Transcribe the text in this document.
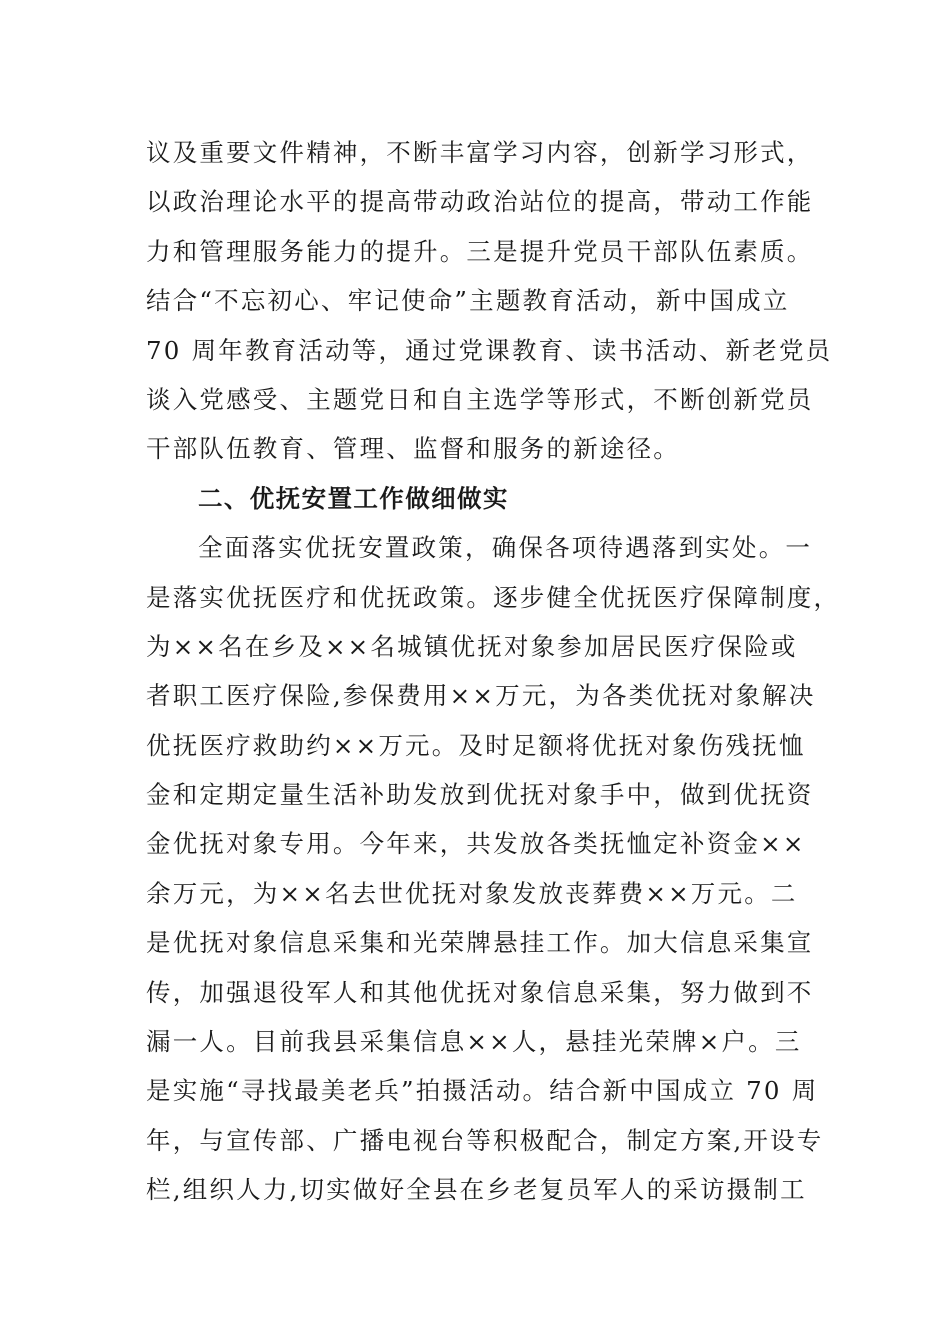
议及重要文件精神，不断丰富学习内容，创新学习形式，
以政治理论水平的提高带动政治站位的提高，带动工作能
力和管理服务能力的提升。三是提升党员干部队伍素质。
结合“不忘初心、牢记使命”主题教育活动，新中国成立
70 周年教育活动等，通过党课教育、读书活动、新老党员
谈入党感受、主题党日和自主选学等形式，不断创新党员
干部队伍教育、管理、监督和服务的新途径。
二、优抚安置工作做细做实
全面落实优抚安置政策，确保各项待遇落到实处。一
是落实优抚医疗和优抚政策。逐步健全优抚医疗保障制度，
为××名在乡及××名城镇优抚对象参加居民医疗保险或
者职工医疗保险,参保费用××万元，为各类优抚对象解决
优抚医疗救助约××万元。及时足额将优抚对象伤残抚恤
金和定期定量生活补助发放到优抚对象手中，做到优抚资
金优抚对象专用。今年来，共发放各类抚恤定补资金××
余万元，为××名去世优抚对象发放丧葬费××万元。二
是优抚对象信息采集和光荣牌悬挂工作。加大信息采集宣
传，加强退役军人和其他优抚对象信息采集，努力做到不
漏一人。目前我县采集信息××人，悬挂光荣牌×户。三
是实施“寻找最美老兵”拍摄活动。结合新中国成立 70 周
年，与宣传部、广播电视台等积极配合，制定方案,开设专
栏,组织人力,切实做好全县在乡老复员军人的采访摄制工
